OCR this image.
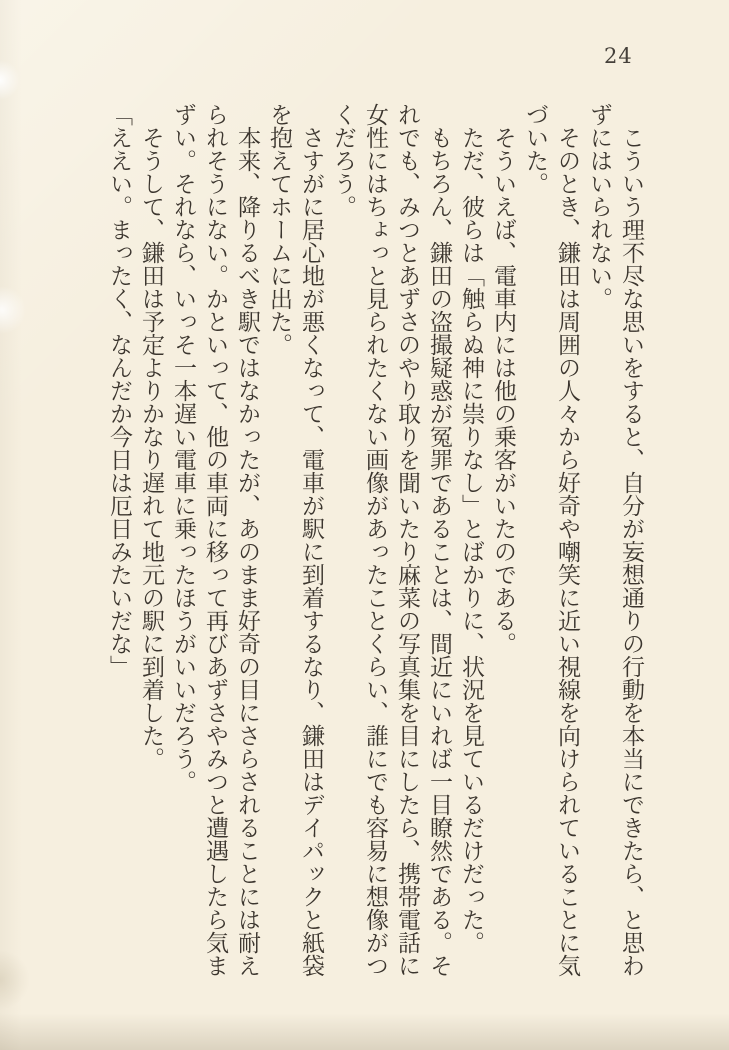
24

こういう理不尽な思いをすると、自分が妄想通りの行動を本当にできたら、と思わずにはいられない。

そのとき、鎌田は周囲の人々から好奇や嘲笑に近い視線を向けられていることに気づいた。

そういえば、電車内には他の乗客がいたのである。

ただ、彼らは「触らぬ神に祟りなし」とばかりに、状況を見ているだけだった。

もちろん、鎌田の盗撮疑惑が冤罪であることは、間近にいれば一目瞭然である。それでも、みつとあずさのやり取りを聞いたり麻菜の写真集を目にしたら、携帯電話に女性にはちょっと見られたくない画像があったことくらい、誰にでも容易に想像がつくだろう。

さすがに居心地が悪くなって、電車が駅に到着するなり、鎌田はデイパックと紙袋を抱えてホームに出た。

本来、降りるべき駅ではなかったが、あのまま好奇の目にさらされることには耐えられそうにない。かといって、他の車両に移って再びあずさやみつと遭遇したら気まずい。それなら、いっそ一本遅い電車に乗ったほうがいいだろう。

そうして、鎌田は予定よりかなり遅れて地元の駅に到着した。

「ええい。まったく、なんだか今日は厄日みたいだな」
